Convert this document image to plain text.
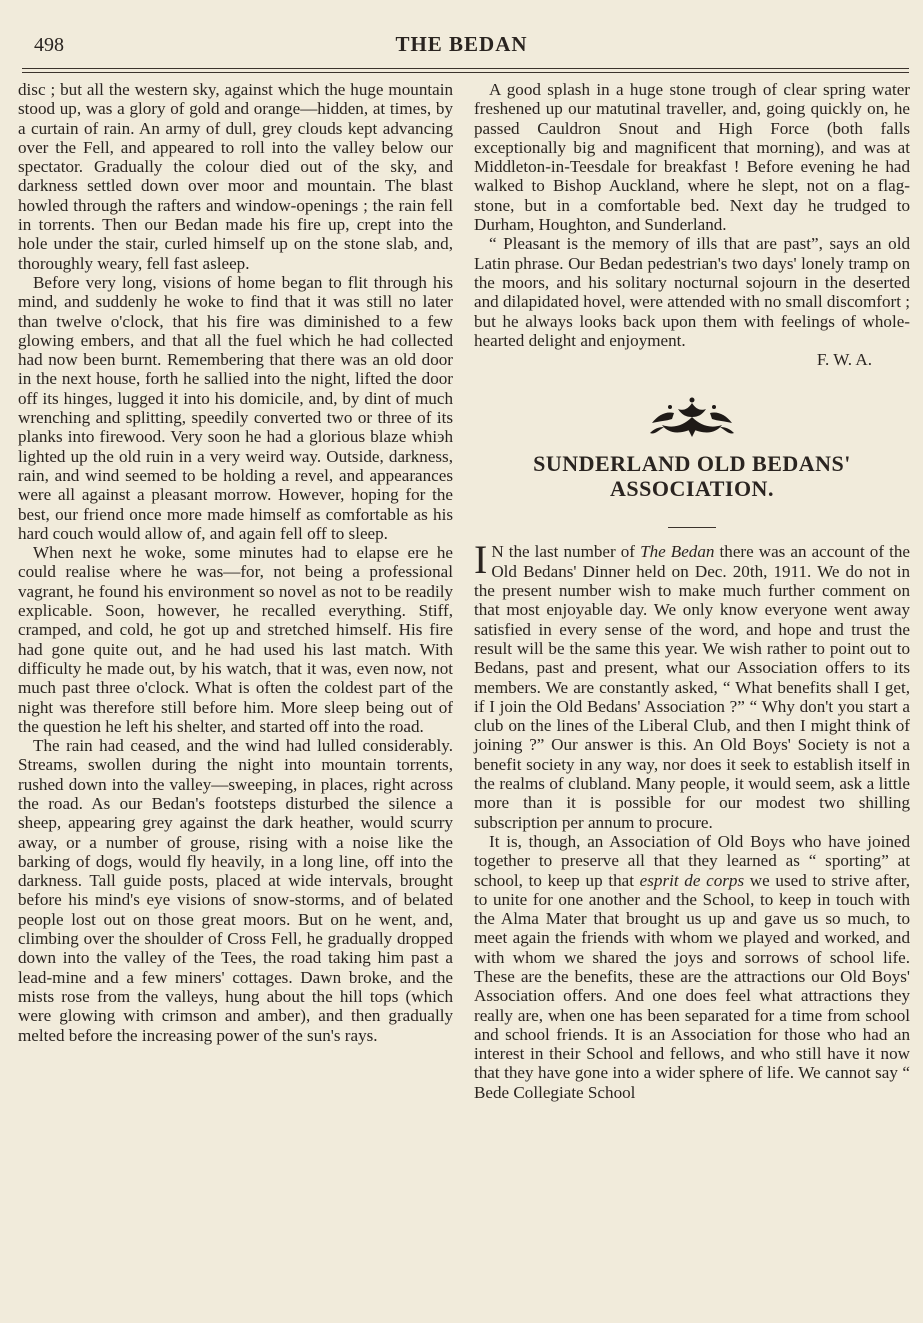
498	THE BEDAN

disc ; but all the western sky, against which the huge mountain stood up, was a glory of gold and orange—hidden, at times, by a curtain of rain. An army of dull, grey clouds kept advancing over the Fell, and appeared to roll into the valley below our spectator. Gradually the colour died out of the sky, and darkness settled down over moor and mountain. The blast howled through the rafters and window-openings ; the rain fell in torrents. Then our Bedan made his fire up, crept into the hole under the stair, curled himself up on the stone slab, and, thoroughly weary, fell fast asleep.

Before very long, visions of home began to flit through his mind, and suddenly he woke to find that it was still no later than twelve o'clock, that his fire was diminished to a few glowing embers, and that all the fuel which he had collected had now been burnt. Remembering that there was an old door in the next house, forth he sallied into the night, lifted the door off its hinges, lugged it into his domicile, and, by dint of much wrenching and splitting, speedily converted two or three of its planks into firewood. Very soon he had a glorious blaze whiэh lighted up the old ruin in a very weird way. Outside, darkness, rain, and wind seemed to be holding a revel, and appearances were all against a pleasant morrow. However, hoping for the best, our friend once more made himself as comfortable as his hard couch would allow of, and again fell off to sleep.

When next he woke, some minutes had to elapse ere he could realise where he was—for, not being a professional vagrant, he found his environment so novel as not to be readily explicable. Soon, however, he recalled everything. Stiff, cramped, and cold, he got up and stretched himself. His fire had gone quite out, and he had used his last match. With difficulty he made out, by his watch, that it was, even now, not much past three o'clock. What is often the coldest part of the night was therefore still before him. More sleep being out of the question he left his shelter, and started off into the road.

The rain had ceased, and the wind had lulled considerably. Streams, swollen during the night into mountain torrents, rushed down into the valley—sweeping, in places, right across the road. As our Bedan's footsteps disturbed the silence a sheep, appearing grey against the dark heather, would scurry away, or a number of grouse, rising with a noise like the barking of dogs, would fly heavily, in a long line, off into the darkness. Tall guide posts, placed at wide intervals, brought before his mind's eye visions of snow-storms, and of belated people lost out on those great moors. But on he went, and, climbing over the shoulder of Cross Fell, he gradually dropped down into the valley of the Tees, the road taking him past a lead-mine and a few miners' cottages. Dawn broke, and the mists rose from the valleys, hung about the hill tops (which were glowing with crimson and amber), and then gradually melted before the increasing power of the sun's rays.

A good splash in a huge stone trough of clear spring water freshened up our matutinal traveller, and, going quickly on, he passed Cauldron Snout and High Force (both falls exceptionally big and magnificent that morning), and was at Middleton-in-Teesdale for breakfast ! Before evening he had walked to Bishop Auckland, where he slept, not on a flag-stone, but in a comfortable bed. Next day he trudged to Durham, Houghton, and Sunderland.

“ Pleasant is the memory of ills that are past”, says an old Latin phrase. Our Bedan pedestrian's two days' lonely tramp on the moors, and his solitary nocturnal sojourn in the deserted and dilapidated hovel, were attended with no small discomfort ; but he always looks back upon them with feelings of whole-hearted delight and enjoyment.

F. W. A.

SUNDERLAND OLD BEDANS'
ASSOCIATION.

I N the last number of The Bedan there was an account of the Old Bedans' Dinner held on Dec. 20th, 1911. We do not in the present number wish to make much further comment on that most enjoyable day. We only know everyone went away satisfied in every sense of the word, and hope and trust the result will be the same this year. We wish rather to point out to Bedans, past and present, what our Association offers to its members. We are constantly asked, “ What benefits shall I get, if I join the Old Bedans' Association ?” “ Why don't you start a club on the lines of the Liberal Club, and then I might think of joining ?” Our answer is this. An Old Boys' Society is not a benefit society in any way, nor does it seek to establish itself in the realms of clubland. Many people, it would seem, ask a little more than it is possible for our modest two shilling subscription per annum to procure.

It is, though, an Association of Old Boys who have joined together to preserve all that they learned as “ sporting” at school, to keep up that esprit de corps we used to strive after, to unite for one another and the School, to keep in touch with the Alma Mater that brought us up and gave us so much, to meet again the friends with whom we played and worked, and with whom we shared the joys and sorrows of school life. These are the benefits, these are the attractions our Old Boys' Association offers. And one does feel what attractions they really are, when one has been separated for a time from school and school friends. It is an Association for those who had an interest in their School and fellows, and who still have it now that they have gone into a wider sphere of life. We cannot say “ Bede Collegiate School
